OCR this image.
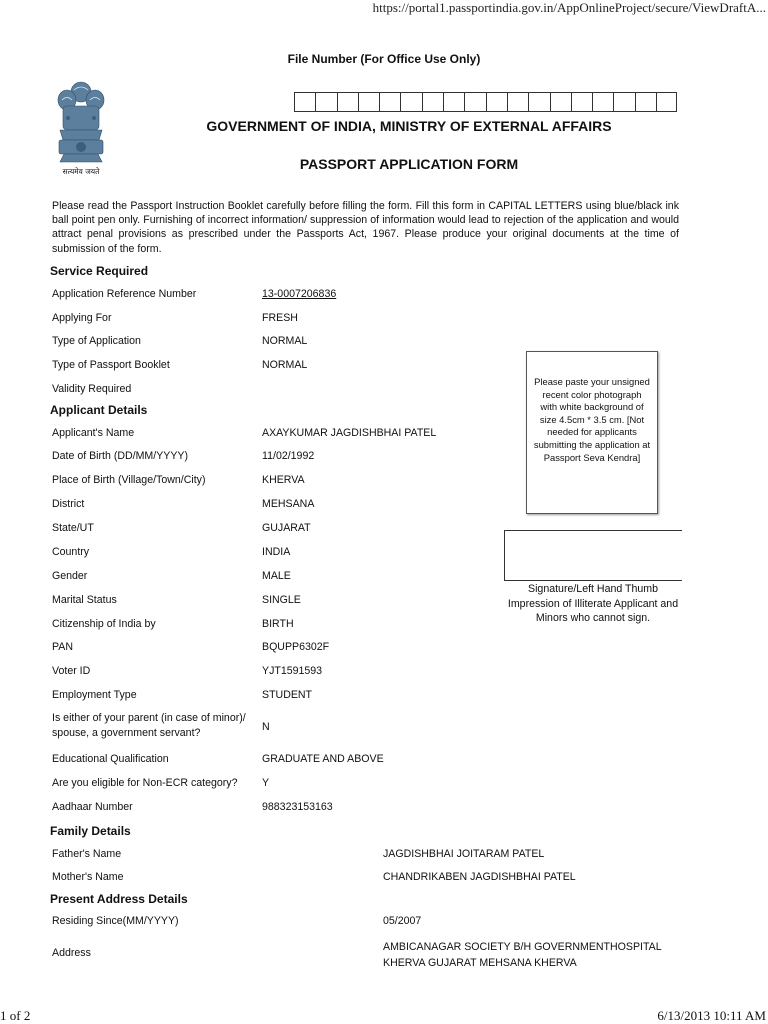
https://portal1.passportindia.gov.in/AppOnlineProject/secure/ViewDraftA...
File Number (For Office Use Only)
सत्यमेव जयते
GOVERNMENT OF INDIA, MINISTRY OF EXTERNAL AFFAIRS
PASSPORT APPLICATION FORM
Please read the Passport Instruction Booklet carefully before filling the form. Fill this form in CAPITAL LETTERS using blue/black ink ball point pen only. Furnishing of incorrect information/ suppression of information would lead to rejection of the application and would attract penal provisions as prescribed under the Passports Act, 1967. Please produce your original documents at the time of submission of the form.
Service Required
Application Reference Number	13-0007206836
Applying For	FRESH
Type of Application	NORMAL
Type of Passport Booklet	NORMAL
Validity Required
Applicant Details
Applicant's Name	AXAYKUMAR JAGDISHBHAI PATEL
Date of Birth (DD/MM/YYYY)	11/02/1992
Place of Birth (Village/Town/City)	KHERVA
District	MEHSANA
State/UT	GUJARAT
Country	INDIA
Gender	MALE
Marital Status	SINGLE
Citizenship of India by	BIRTH
PAN	BQUPP6302F
Voter ID	YJT1591593
Employment Type	STUDENT
Is either of your parent (in case of minor)/ spouse, a government servant?	N
Educational Qualification	GRADUATE AND ABOVE
Are you eligible for Non-ECR category? Y
Aadhaar Number	988323153163
Family Details
Father's Name	JAGDISHBHAI JOITARAM PATEL
Mother's Name	CHANDRIKABEN JAGDISHBHAI PATEL
Present Address Details
Residing Since(MM/YYYY)	05/2007
Address	AMBICANAGAR SOCIETY B/H GOVERNMENTHOSPITAL KHERVA GUJARAT MEHSANA KHERVA
Please paste your unsigned recent color photograph with white background of size 4.5cm * 3.5 cm. [Not needed for applicants submitting the application at Passport Seva Kendra]
Signature/Left Hand Thumb Impression of Illiterate Applicant and Minors who cannot sign.
1 of 2	6/13/2013 10:11 AM
